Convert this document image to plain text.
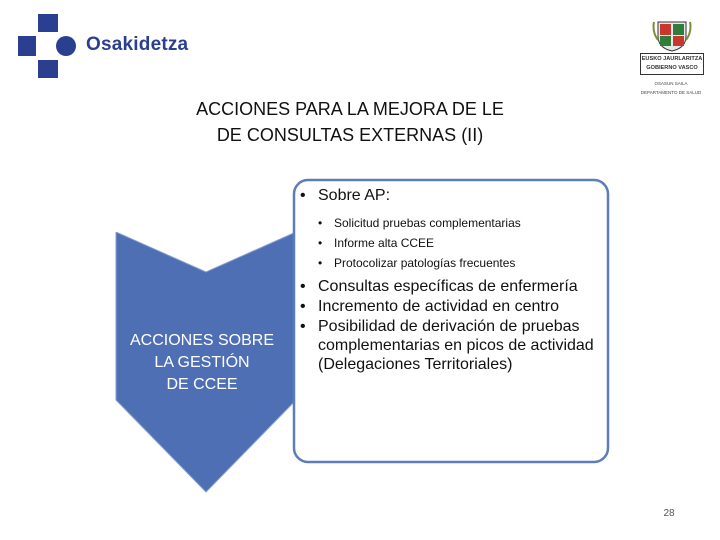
Osakidetza
EUSKO JAURLARITZA
GOBIERNO VASCO
OSASUN SAILA
DEPARTAMENTO DE SALUD
ACCIONES PARA LA MEJORA DE LE
DE CONSULTAS EXTERNAS (II)
ACCIONES SOBRE
LA GESTIÓN
DE CCEE
• Sobre AP:
• Solicitud pruebas complementarias
• Informe alta CCEE
• Protocolizar patologías frecuentes
• Consultas específicas de enfermería
• Incremento de actividad en centro
• Posibilidad de derivación de pruebas complementarias en picos de actividad (Delegaciones Territoriales)
28
